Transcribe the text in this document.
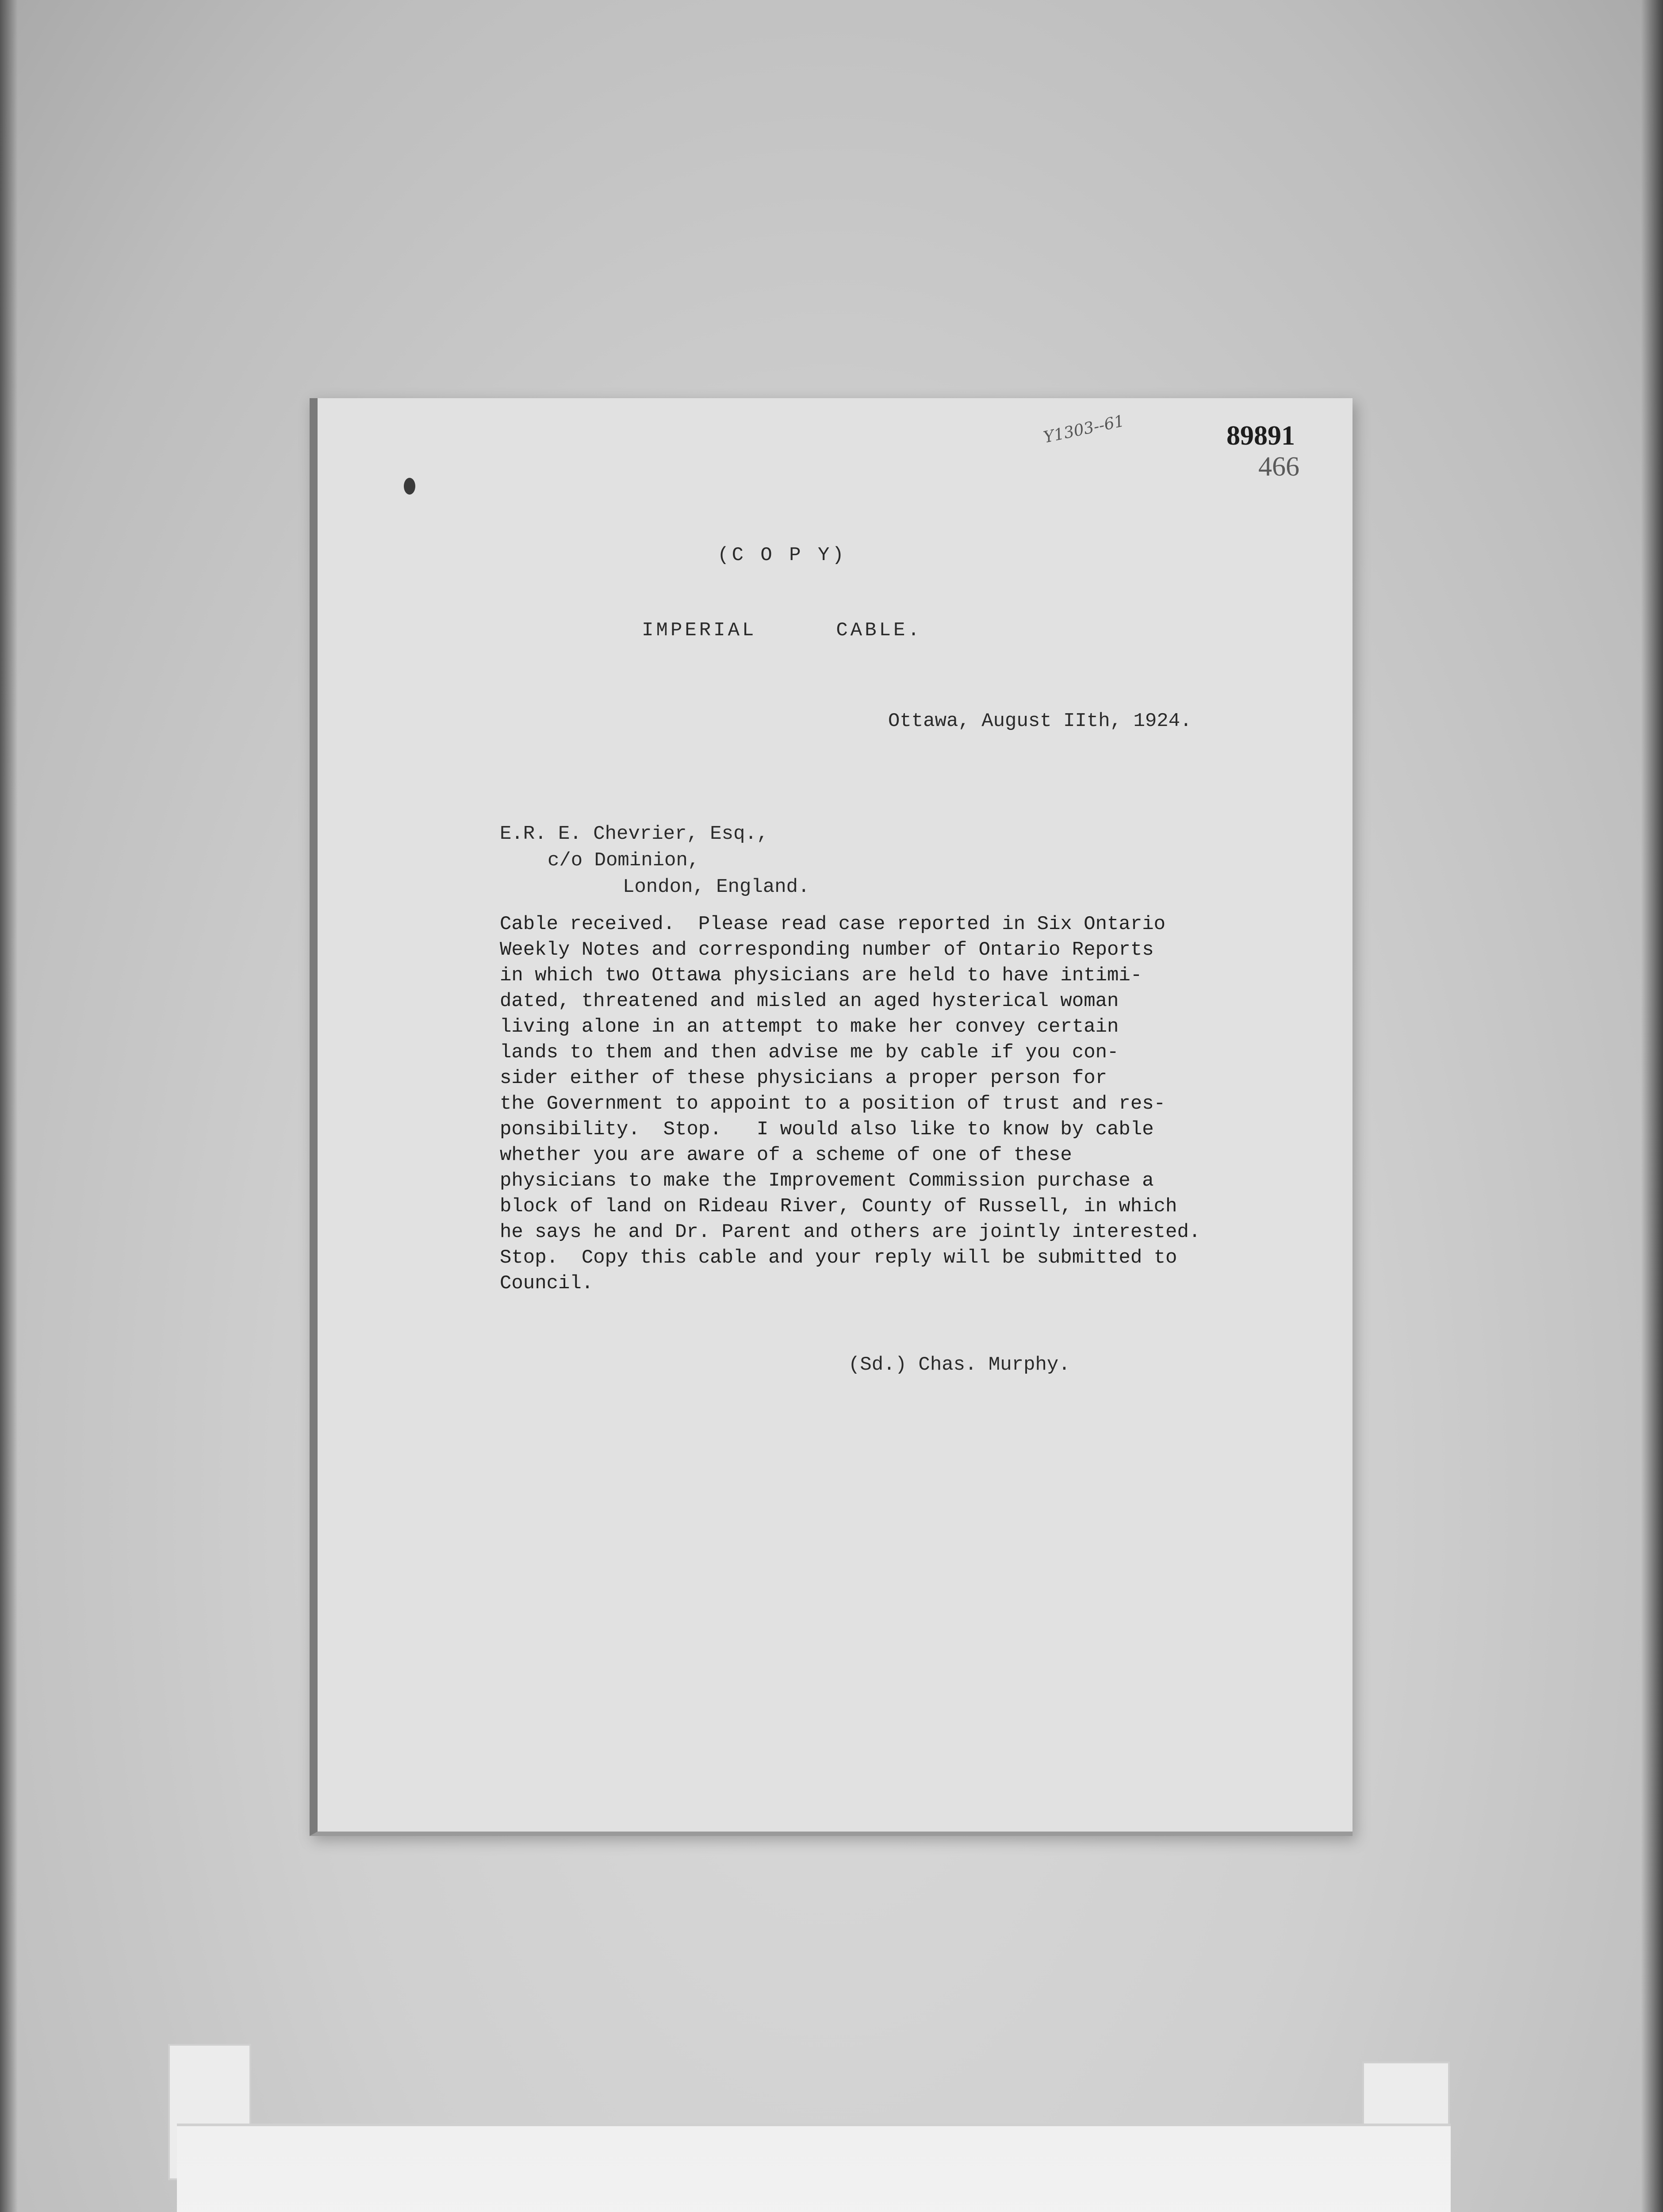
Y1303--61	89891
466
(C O P Y)
IMPERIAL	CABLE.
Ottawa, August IIth, 1924.
E.R. E. Chevrier, Esq.,
c/o Dominion,
London, England.
Cable received.  Please read case reported in Six Ontario
Weekly Notes and corresponding number of Ontario Reports
in which two Ottawa physicians are held to have intimi-
dated, threatened and misled an aged hysterical woman
living alone in an attempt to make her convey certain
lands to them and then advise me by cable if you con-
sider either of these physicians a proper person for
the Government to appoint to a position of trust and res-
ponsibility.  Stop.   I would also like to know by cable
whether you are aware of a scheme of one of these
physicians to make the Improvement Commission purchase a
block of land on Rideau River, County of Russell, in which
he says he and Dr. Parent and others are jointly interested.
Stop.  Copy this cable and your reply will be submitted to
Council.
(Sd.) Chas. Murphy.
